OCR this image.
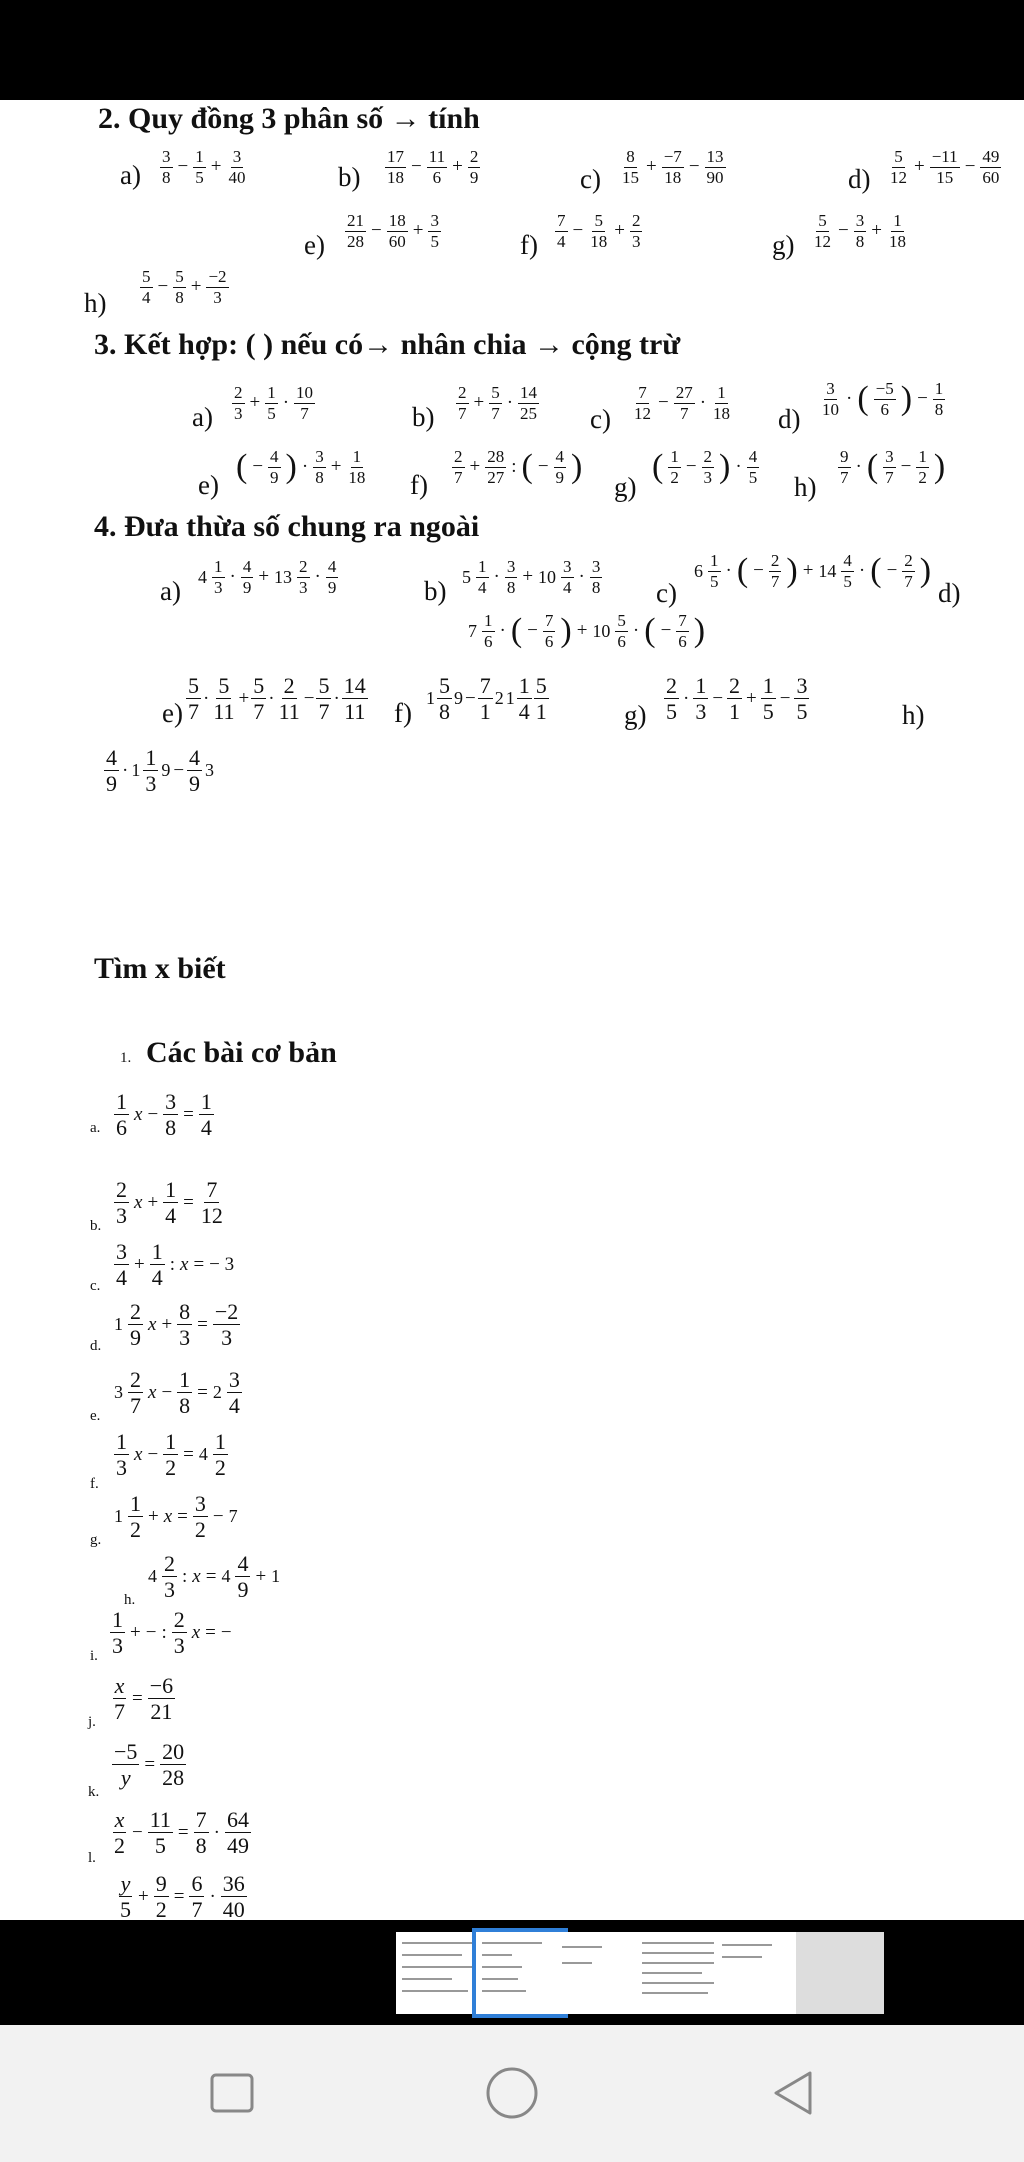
2. Quy đồng 3 phân số → tính
$a) \frac{3}{8} - \frac{1}{5} + \frac{3}{40}$	$b) \frac{17}{18} - \frac{11}{6} + \frac{2}{9}$	$c) \frac{8}{15} + \frac{-7}{18} - \frac{13}{90}$	$d) \frac{5}{12} + \frac{-11}{15} - \frac{49}{60}$
$e) \frac{21}{28} - \frac{18}{60} + \frac{3}{5}$	$f) \frac{7}{4} - \frac{5}{18} + \frac{2}{3}$	$g) \frac{5}{12} - \frac{3}{8} + \frac{1}{18}$
$h) \frac{5}{4} - \frac{5}{8} + \frac{-2}{3}$
3. Kết hợp: ( ) nếu có→ nhân chia → cộng trừ
$a) \frac{2}{3} + \frac{1}{5} \cdot \frac{10}{7}$	$b) \frac{2}{7} + \frac{5}{7} \cdot \frac{14}{25} c) \frac{7}{12} - \frac{27}{7} \cdot \frac{1}{18} d$)
$\frac{3}{10}$ · ( $\frac{-5}{6}$ ) − $\frac{1}{8}$
e) ( − $\frac{4}{9}$ ) · $\frac{3}{8} + \frac{1}{18} f) \frac{2}{7} + \frac{28}{27}$ : ( − $\frac{4}{9}$ )
g)
( $\frac{1}{2} - \frac{2}{3}$ ) · $\frac{4}{5}$
h)
$\frac{9}{7}$ · ( $\frac{3}{7} - \frac{1}{2}$ )
4. Đưa thừa số chung ra ngoài
a) $4 \frac{1}{3} \cdot \frac{4}{9} + 13 \frac{2}{3} \cdot \frac{4}{9}$	b) $5 \frac{1}{4} \cdot \frac{3}{8} + 10 \frac{3}{4} \cdot \frac{3}{8} c$)
$6 \frac{1}{5}$ · ( − $\frac{2}{7}$ ) + $14 \frac{4}{5}$ · ( − $\frac{2}{7}$ )
d)
$7 \frac{1}{6}$ · ( − $\frac{7}{6}$ ) + $10 \frac{5}{6}$ · ( − $\frac{7}{6}$ )
$e) \frac{5}{7} \cdot \frac{5}{11} + \frac{5}{7} \cdot \frac{2}{11} - \frac{5}{7} \cdot \frac{14}{11} f$) $1 \frac{5}{8} 9 - \frac{7}{1} 2$ $1 \frac{1}{4} \frac{5}{1}$	$g) \frac{2}{5} \cdot \frac{1}{3} - \frac{2}{1} + \frac{1}{5} - \frac{3}{5}$	h)
$\frac{4}{9} \cdot 1 \frac{1}{3} 9 - \frac{4}{9} 3$
Tìm x biết
1. Các bài cơ bản
a. $\frac{1}{6}$ $x - \frac{3}{8} = \frac{1}{4}$
b. $\frac{2}{3}$ $x + \frac{1}{4} = \frac{7}{12}$
c. $\frac{3}{4} + \frac{1}{4}$ : x = − 3
d.
$1 \frac{2}{9}$ $x + \frac{8}{3} = \frac{-2}{3}$
e.
$3 \frac{2}{7}$ $x - \frac{1}{8} = 2 \frac{3}{4}$
f.
$\frac{1}{3}$ $x - \frac{1}{2} = 4 \frac{1}{2}$
g.
$1 \frac{1}{2} + x = \frac{3}{2} - 7$
h.
$4 \frac{2}{3}$ : $x = 4 \frac{4}{9} + 1$
i. $\frac{1}{3}$ + − : $\frac{2}{3}$ x = −
j. $\frac{x}{7} = \frac{-6}{21}$
k.
$\frac{-5}{y} = \frac{20}{28}$
l.
$\frac{x}{2} - \frac{11}{5} = \frac{7}{8} \cdot \frac{64}{49}$
$\frac{y}{5} + \frac{9}{2} = \frac{6}{7} \cdot \frac{36}{40}$
